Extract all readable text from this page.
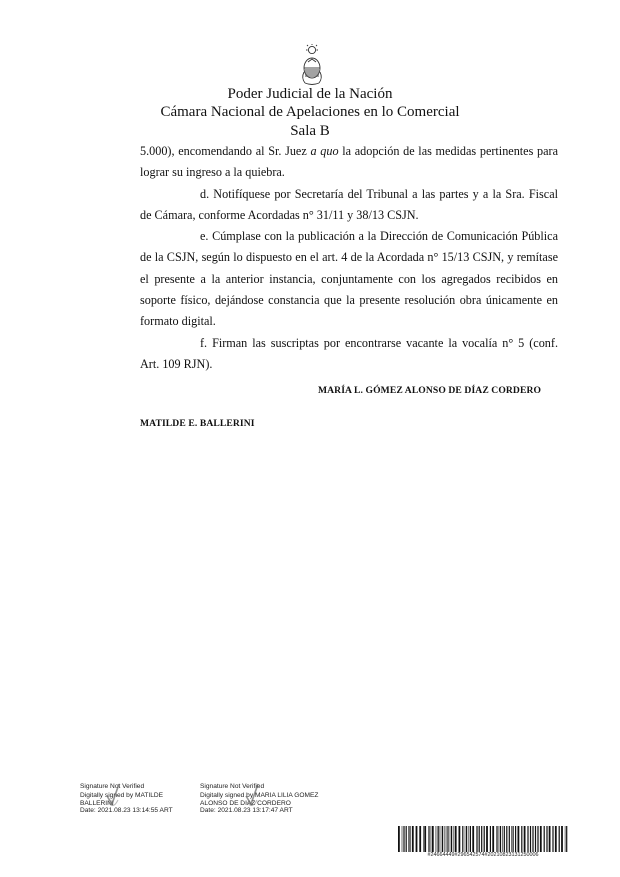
Poder Judicial de la Nación
Cámara Nacional de Apelaciones en lo Comercial
Sala B

5.000), encomendando al Sr. Juez a quo la adopción de las medidas pertinentes para lograr su ingreso a la quiebra.

d. Notifíquese por Secretaría del Tribunal a las partes y a la Sra. Fiscal de Cámara, conforme Acordadas n° 31/11 y 38/13 CSJN.

e. Cúmplase con la publicación a la Dirección de Comunicación Pública de la CSJN, según lo dispuesto en el art. 4 de la Acordada n° 15/13 CSJN, y remítase el presente a la anterior instancia, conjuntamente con los agregados recibidos en soporte físico, dejándose constancia que la presente resolución obra únicamente en formato digital.

f. Firman las suscriptas por encontrarse vacante la vocalía n° 5 (conf. Art. 109 RJN).

MARÍA L. GÓMEZ ALONSO DE DÍAZ CORDERO
MATILDE E. BALLERINI
Signature Not Verified
Digitally signed by MATILDE
BALLERINI
Date: 2021.08.23 13:14:55 ART
Signature Not Verified
Digitally signed by MARIA LILIA GOMEZ
ALONSO DE DIAZ CORDERO
Date: 2021.08.23 13:17:47 ART
#24664449#296542574#20210823131250006
